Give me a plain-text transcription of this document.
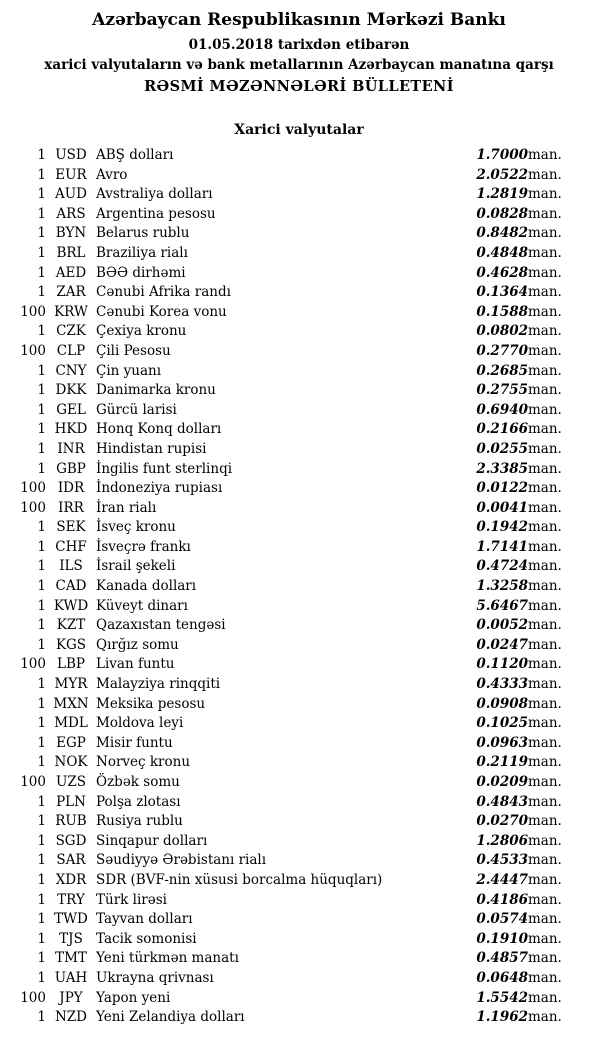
Azərbaycan Respublikasının Mərkəzi Bankı
01.05.2018 tarixdən etibarən
xarici valyutaların və bank metallarının Azərbaycan manatına qarşı
RƏSMİ MƏZƏNNƏLƏRİ BÜLLETENİ
Xarici valyutalar
1	USD	ABŞ dolları	1.7000	man.
1	EUR	Avro	2.0522	man.
1	AUD	Avstraliya dolları	1.2819	man.
1	ARS	Argentina pesosu	0.0828	man.
1	BYN	Belarus rublu	0.8482	man.
1	BRL	Braziliya rialı	0.4848	man.
1	AED	BƏƏ dirhəmi	0.4628	man.
1	ZAR	Cənubi Afrika randı	0.1364	man.
100	KRW	Cənubi Korea vonu	0.1588	man.
1	CZK	Çexiya kronu	0.0802	man.
100	CLP	Çili Pesosu	0.2770	man.
1	CNY	Çin yuanı	0.2685	man.
1	DKK	Danimarka kronu	0.2755	man.
1	GEL	Gürcü larisi	0.6940	man.
1	HKD	Honq Konq dolları	0.2166	man.
1	INR	Hindistan rupisi	0.0255	man.
1	GBP	İngilis funt sterlinqi	2.3385	man.
100	IDR	İndoneziya rupiası	0.0122	man.
100	IRR	İran rialı	0.0041	man.
1	SEK	İsveç kronu	0.1942	man.
1	CHF	İsveçrə frankı	1.7141	man.
1	ILS	İsrail şekeli	0.4724	man.
1	CAD	Kanada dolları	1.3258	man.
1	KWD	Küveyt dinarı	5.6467	man.
1	KZT	Qazaxıstan tengəsi	0.0052	man.
1	KGS	Qırğız somu	0.0247	man.
100	LBP	Livan funtu	0.1120	man.
1	MYR	Malayziya rinqqiti	0.4333	man.
1	MXN	Meksika pesosu	0.0908	man.
1	MDL	Moldova leyi	0.1025	man.
1	EGP	Misir funtu	0.0963	man.
1	NOK	Norveç kronu	0.2119	man.
100	UZS	Özbək somu	0.0209	man.
1	PLN	Polşa zlotası	0.4843	man.
1	RUB	Rusiya rublu	0.0270	man.
1	SGD	Sinqapur dolları	1.2806	man.
1	SAR	Səudiyyə Ərəbistanı rialı	0.4533	man.
1	XDR	SDR (BVF-nin xüsusi borcalma hüquqları)	2.4447	man.
1	TRY	Türk lirəsi	0.4186	man.
1	TWD	Tayvan dolları	0.0574	man.
1	TJS	Tacik somonisi	0.1910	man.
1	TMT	Yeni türkmən manatı	0.4857	man.
1	UAH	Ukrayna qrivnası	0.0648	man.
100	JPY	Yapon yeni	1.5542	man.
1	NZD	Yeni Zelandiya dolları	1.1962	man.
